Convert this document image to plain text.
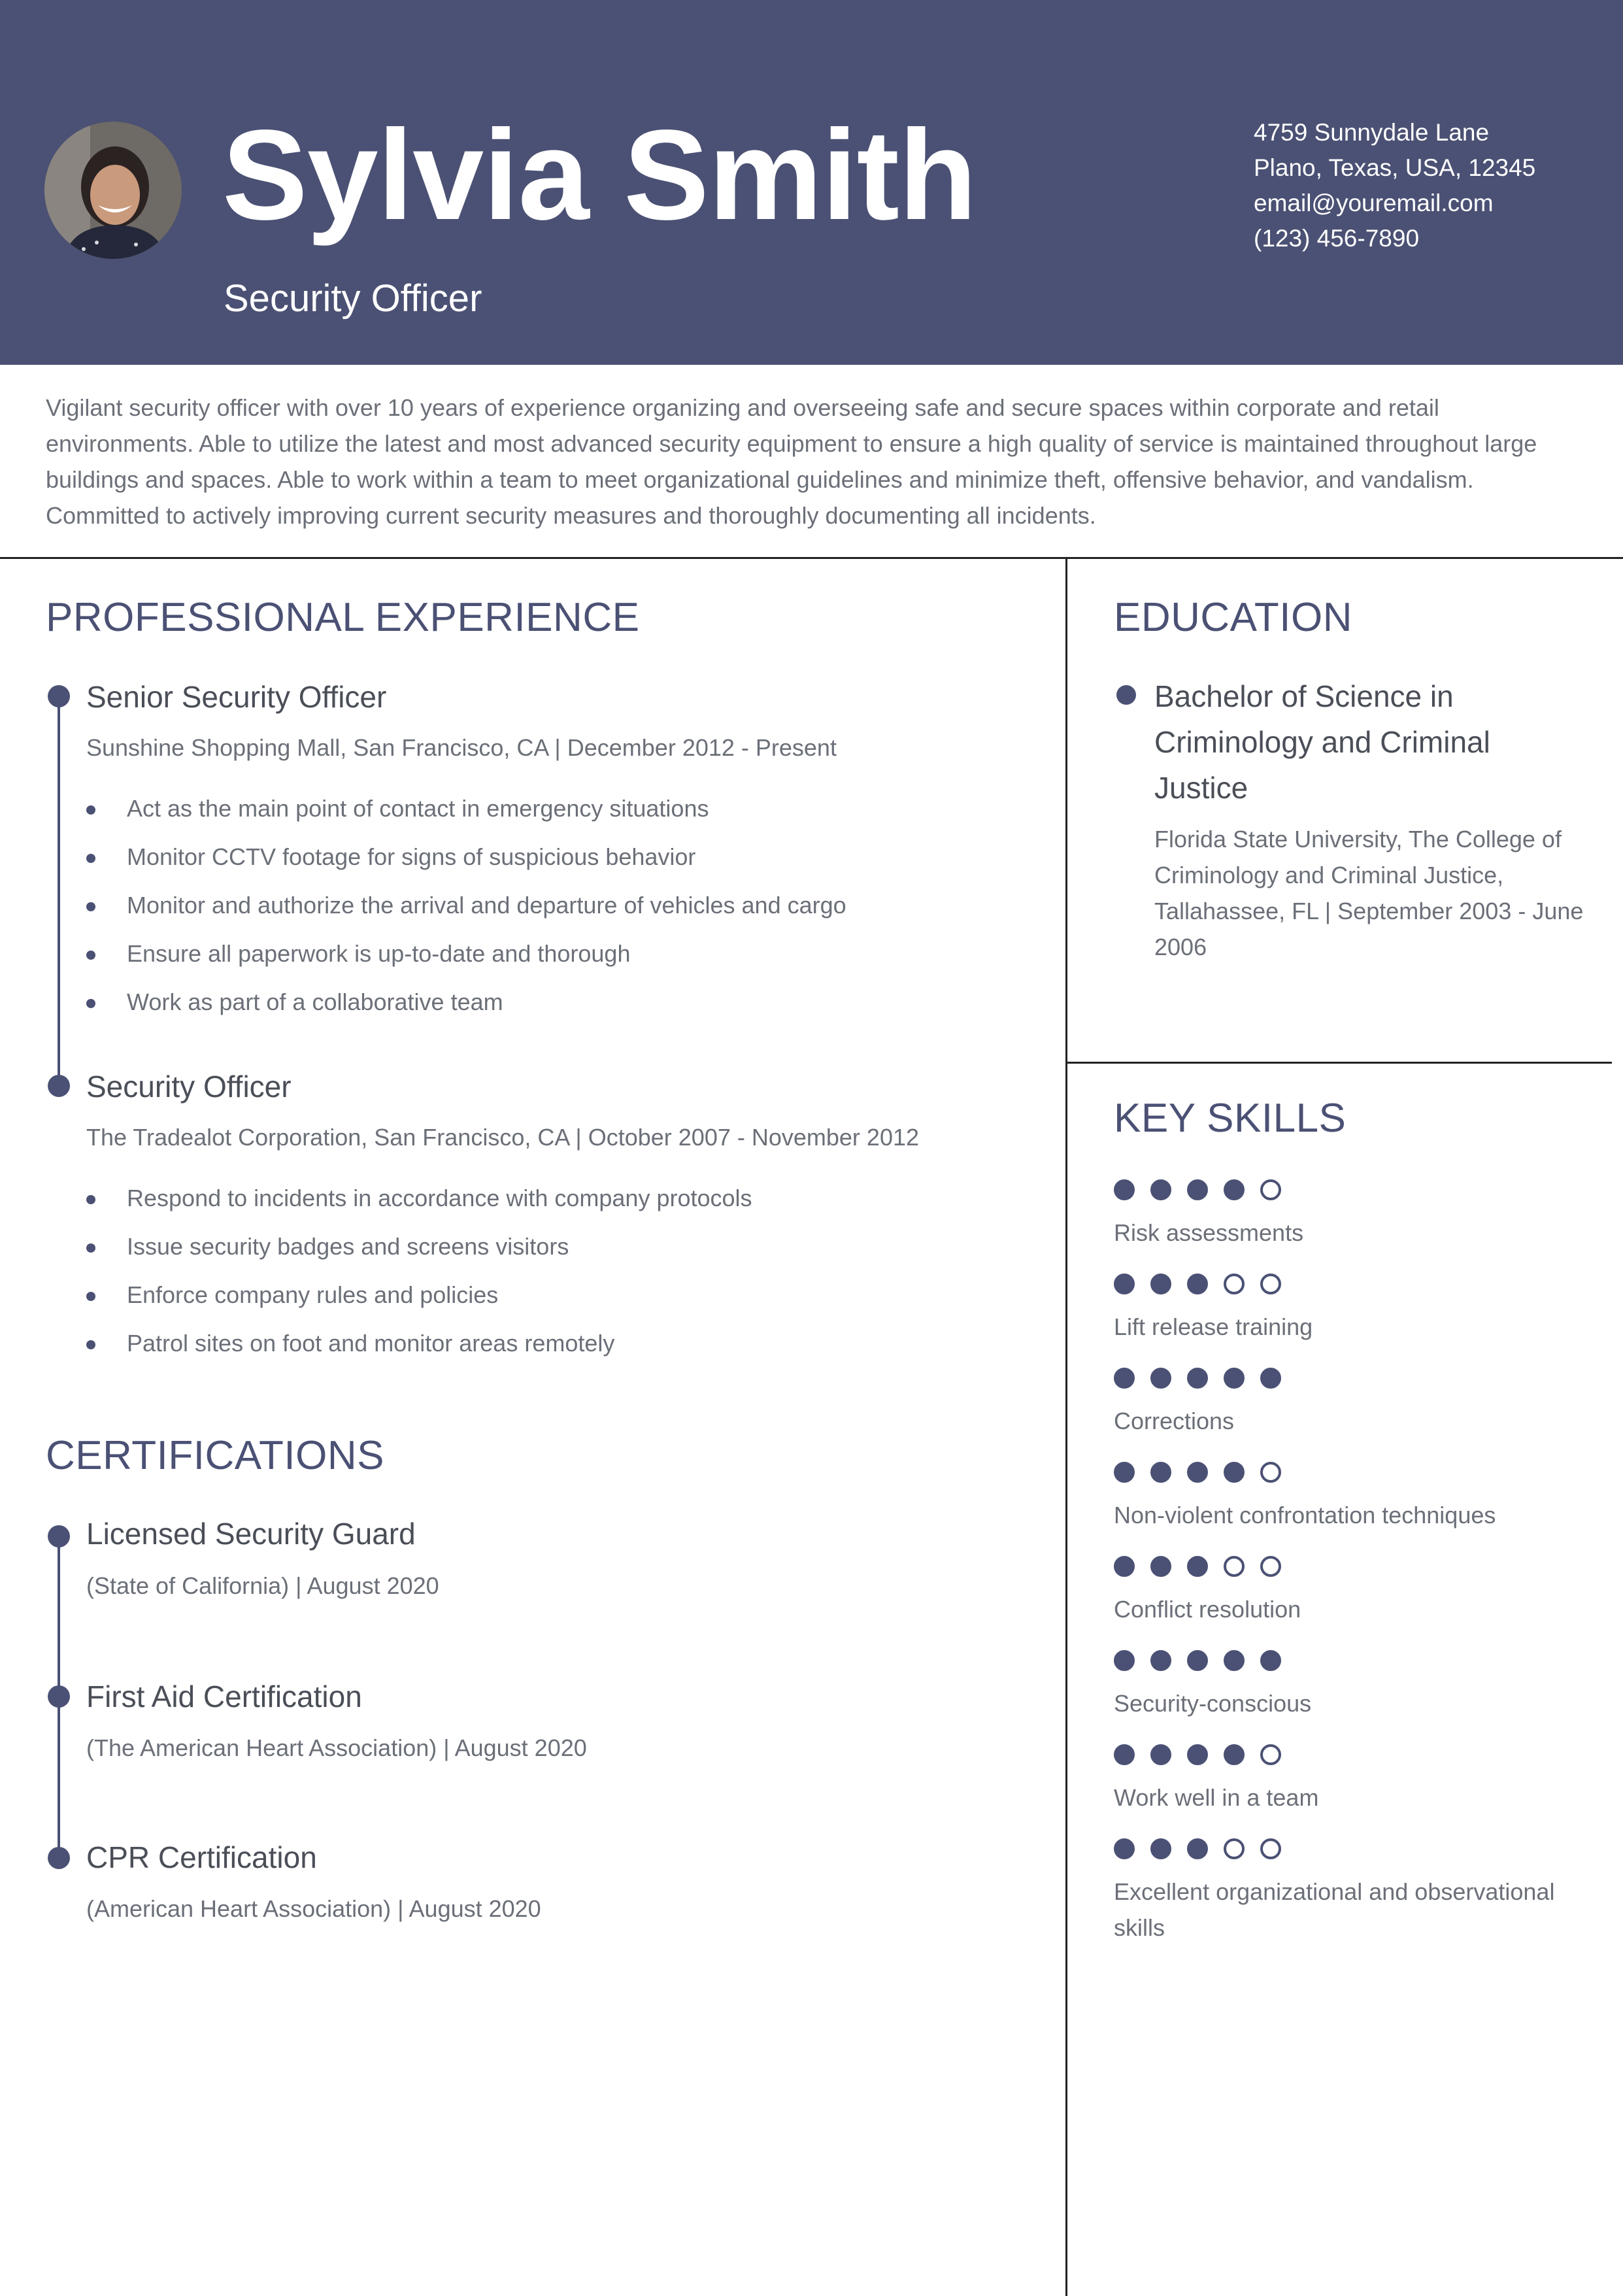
Sylvia Smith
Security Officer
4759 Sunnydale Lane
Plano, Texas, USA, 12345
email@youremail.com
(123) 456-7890
Vigilant security officer with over 10 years of experience organizing and overseeing safe and secure spaces within corporate and retail environments. Able to utilize the latest and most advanced security equipment to ensure a high quality of service is maintained throughout large buildings and spaces. Able to work within a team to meet organizational guidelines and minimize theft, offensive behavior, and vandalism. Committed to actively improving current security measures and thoroughly documenting all incidents.
PROFESSIONAL EXPERIENCE
Senior Security Officer
Sunshine Shopping Mall, San Francisco, CA | December 2012 - Present
Act as the main point of contact in emergency situations
Monitor CCTV footage for signs of suspicious behavior
Monitor and authorize the arrival and departure of vehicles and cargo
Ensure all paperwork is up-to-date and thorough
Work as part of a collaborative team
Security Officer
The Tradealot Corporation, San Francisco, CA | October 2007 - November 2012
Respond to incidents in accordance with company protocols
Issue security badges and screens visitors
Enforce company rules and policies
Patrol sites on foot and monitor areas remotely
CERTIFICATIONS
Licensed Security Guard
(State of California) | August 2020
First Aid Certification
(The American Heart Association) | August 2020
CPR Certification
(American Heart Association) | August 2020
EDUCATION
Bachelor of Science in Criminology and Criminal Justice
Florida State University, The College of Criminology and Criminal Justice, Tallahassee, FL | September 2003 - June 2006
KEY SKILLS
Risk assessments
Lift release training
Corrections
Non-violent confrontation techniques
Conflict resolution
Security-conscious
Work well in a team
Excellent organizational and observational skills
